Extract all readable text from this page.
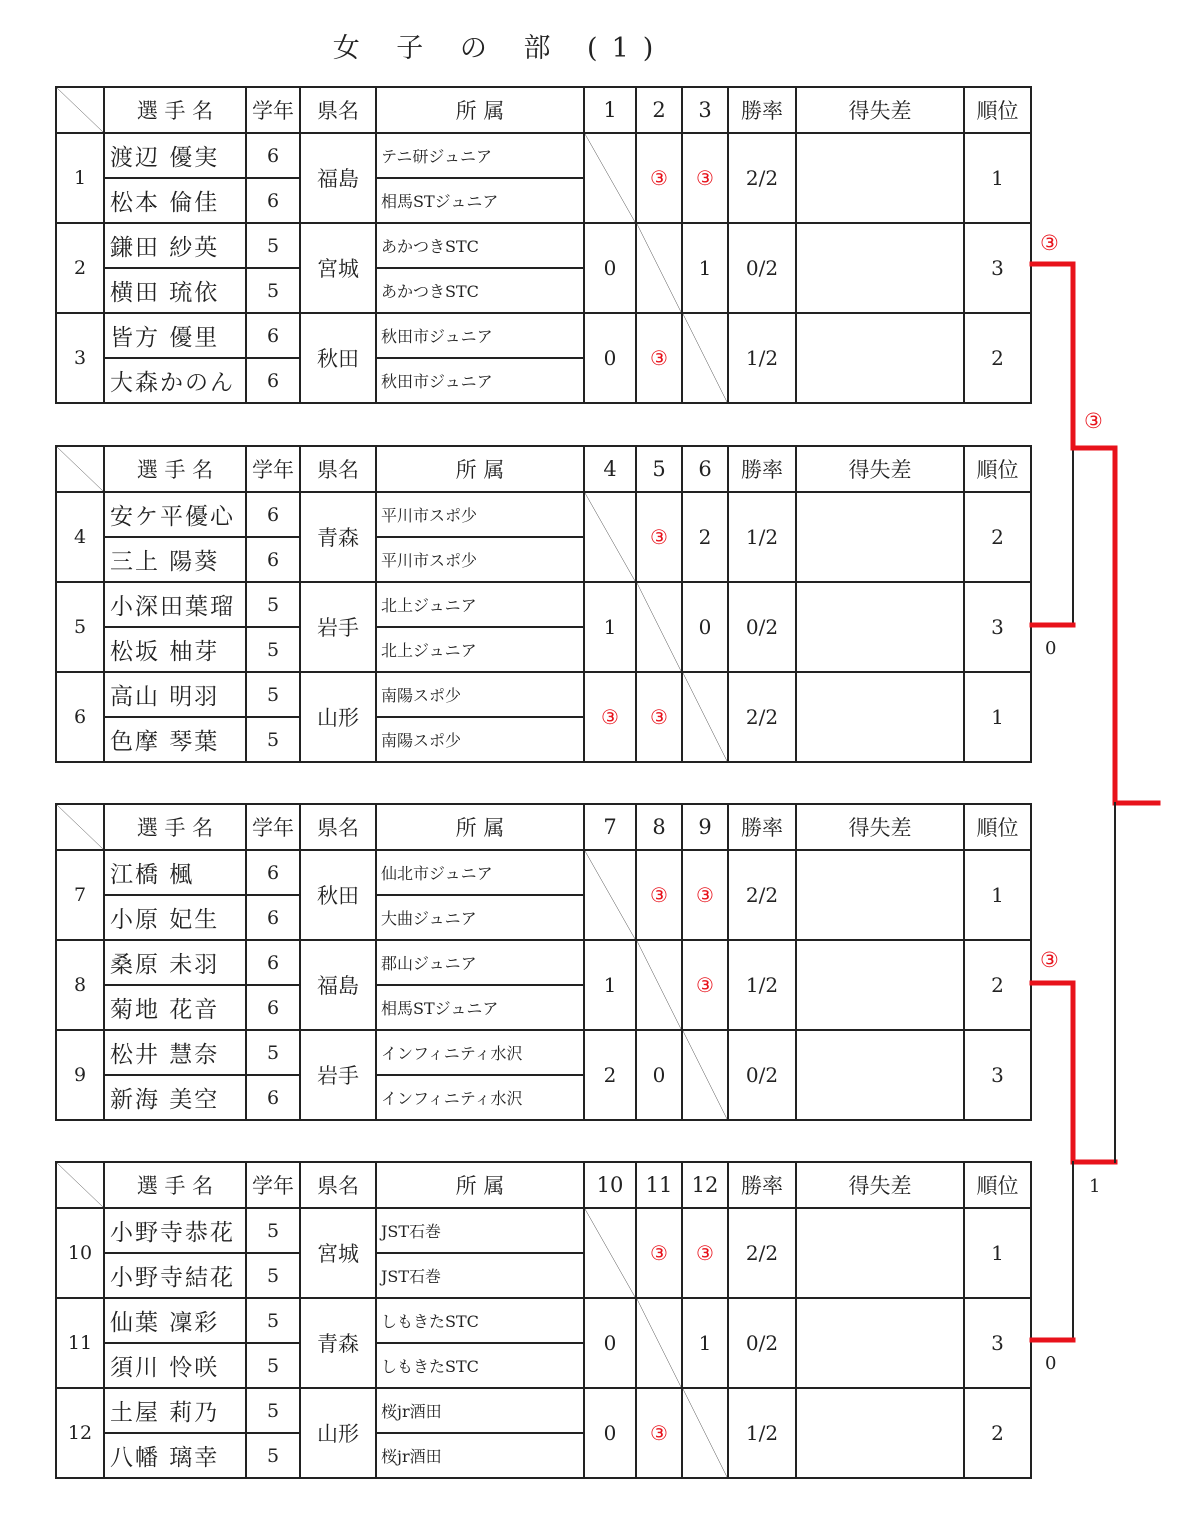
女 子 の 部 (1)
	選 手 名	学年	県名	所 属	1	2	3	勝率	得失差	順位
1	渡辺 優実	6	福島	テニ研ジュニア		③	③	2/2		1
	松本 倫佳	6		相馬STジュニア						
2	鎌田 紗英	5	宮城	あかつきSTC	0		1	0/2		3
	横田 琉依	5		あかつきSTC						
3	皆方 優里	6	秋田	秋田市ジュニア	0	③		1/2		2
	大森かのん	6		秋田市ジュニア						
	選 手 名	学年	県名	所 属	4	5	6	勝率	得失差	順位
4	安ケ平優心	6	青森	平川市スポ少		③	2	1/2		2
	三上 陽葵	6		平川市スポ少						
5	小深田葉瑠	5	岩手	北上ジュニア	1		0	0/2		3
	松坂 柚芽	5		北上ジュニア						
6	高山 明羽	5	山形	南陽スポ少	③	③		2/2		1
	色摩 琴葉	5		南陽スポ少						
	選 手 名	学年	県名	所 属	7	8	9	勝率	得失差	順位
7	江橋 楓	6	秋田	仙北市ジュニア		③	③	2/2		1
	小原 妃生	6		大曲ジュニア						
8	桑原 未羽	6	福島	郡山ジュニア	1		③	1/2		2
	菊地 花音	6		相馬STジュニア						
9	松井 慧奈	5	岩手	インフィニティ水沢	2	0		0/2		3
	新海 美空	6		インフィニティ水沢						
	選 手 名	学年	県名	所 属	10	11	12	勝率	得失差	順位
10	小野寺恭花	5	宮城	JST石巻		③	③	2/2		1
	小野寺結花	5		JST石巻						
11	仙葉 凜彩	5	青森	しもきたSTC	0		1	0/2		3
	須川 怜咲	5		しもきたSTC						
12	土屋 莉乃	5	山形	桜jr酒田	0	③		1/2		2
	八幡 璃幸	5		桜jr酒田						
③
③
0
③
1
0
